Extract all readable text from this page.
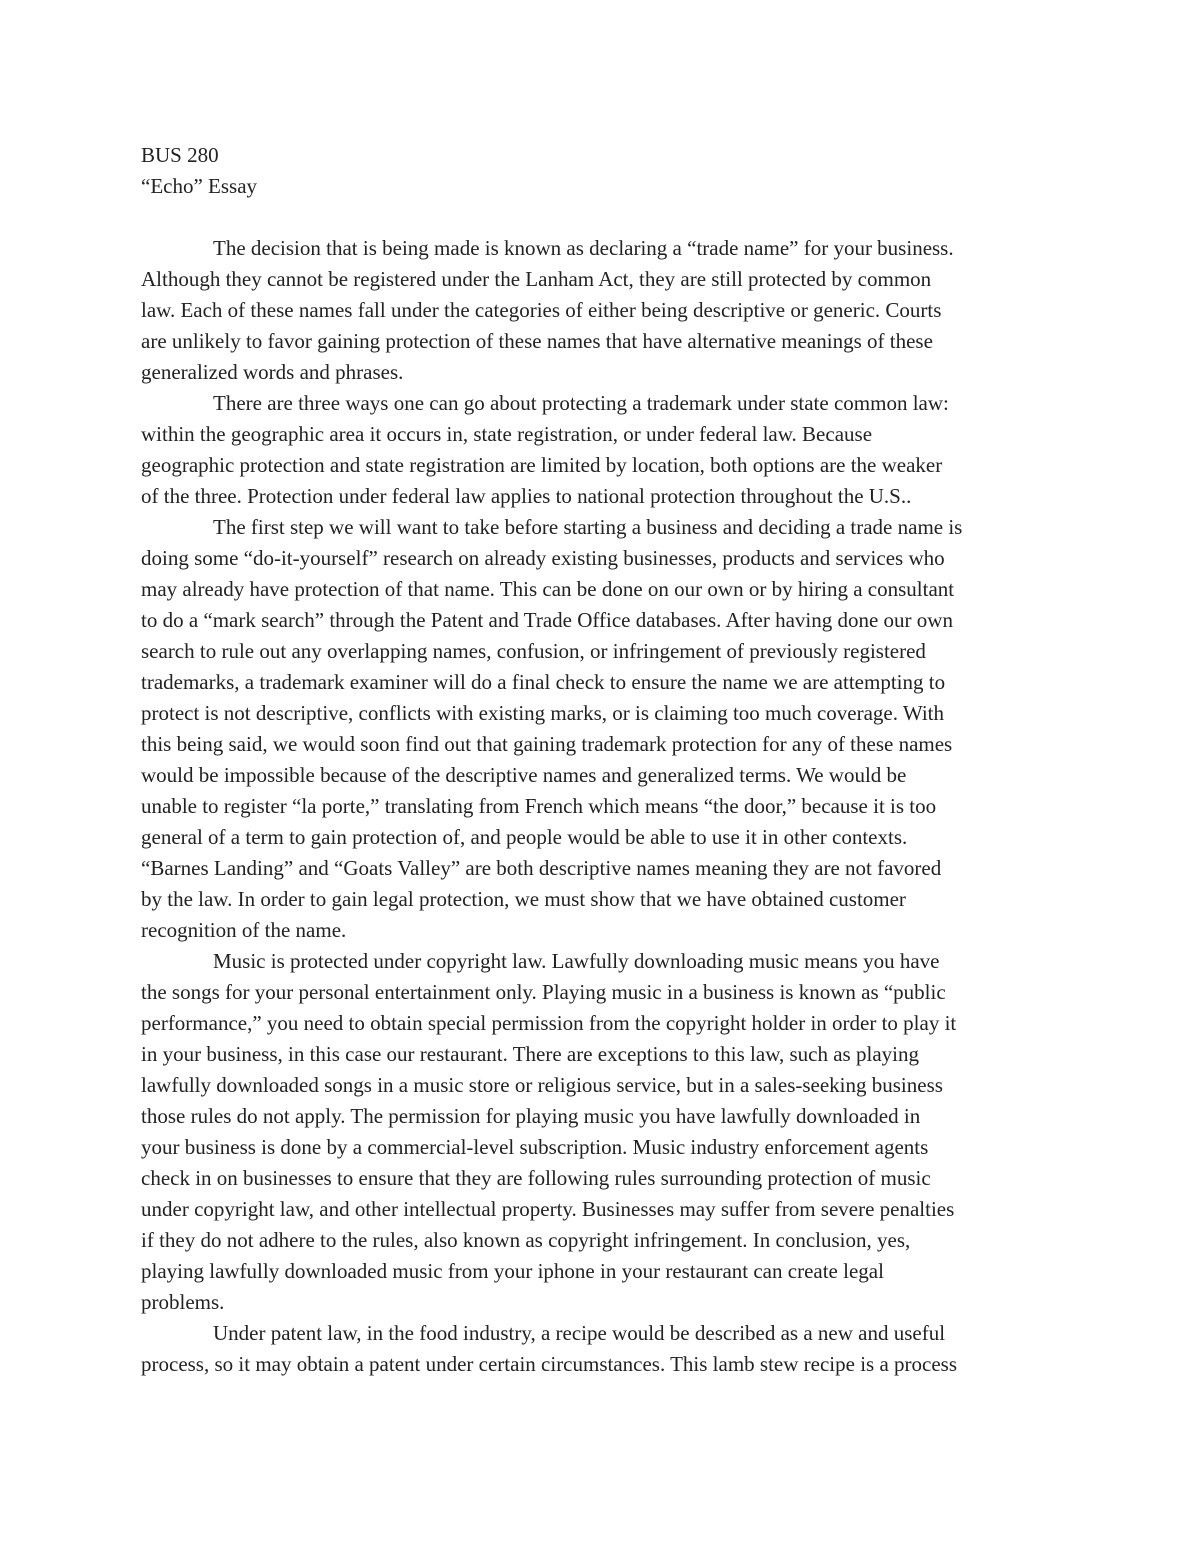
BUS 280
“Echo” Essay
The decision that is being made is known as declaring a “trade name” for your business.
Although they cannot be registered under the Lanham Act, they are still protected by common
law. Each of these names fall under the categories of either being descriptive or generic. Courts
are unlikely to favor gaining protection of these names that have alternative meanings of these
generalized words and phrases.
There are three ways one can go about protecting a trademark under state common law:
within the geographic area it occurs in, state registration, or under federal law. Because
geographic protection and state registration are limited by location, both options are the weaker
of the three. Protection under federal law applies to national protection throughout the U.S..
The first step we will want to take before starting a business and deciding a trade name is
doing some “do-it-yourself” research on already existing businesses, products and services who
may already have protection of that name. This can be done on our own or by hiring a consultant
to do a “mark search” through the Patent and Trade Office databases. After having done our own
search to rule out any overlapping names, confusion, or infringement of previously registered
trademarks, a trademark examiner will do a final check to ensure the name we are attempting to
protect is not descriptive, conflicts with existing marks, or is claiming too much coverage. With
this being said, we would soon find out that gaining trademark protection for any of these names
would be impossible because of the descriptive names and generalized terms. We would be
unable to register “la porte,” translating from French which means “the door,” because it is too
general of a term to gain protection of, and people would be able to use it in other contexts.
“Barnes Landing” and “Goats Valley” are both descriptive names meaning they are not favored
by the law. In order to gain legal protection, we must show that we have obtained customer
recognition of the name.
Music is protected under copyright law. Lawfully downloading music means you have
the songs for your personal entertainment only. Playing music in a business is known as “public
performance,” you need to obtain special permission from the copyright holder in order to play it
in your business, in this case our restaurant. There are exceptions to this law, such as playing
lawfully downloaded songs in a music store or religious service, but in a sales-seeking business
those rules do not apply. The permission for playing music you have lawfully downloaded in
your business is done by a commercial-level subscription. Music industry enforcement agents
check in on businesses to ensure that they are following rules surrounding protection of music
under copyright law, and other intellectual property. Businesses may suffer from severe penalties
if they do not adhere to the rules, also known as copyright infringement. In conclusion, yes,
playing lawfully downloaded music from your iphone in your restaurant can create legal
problems.
Under patent law, in the food industry, a recipe would be described as a new and useful
process, so it may obtain a patent under certain circumstances. This lamb stew recipe is a process
